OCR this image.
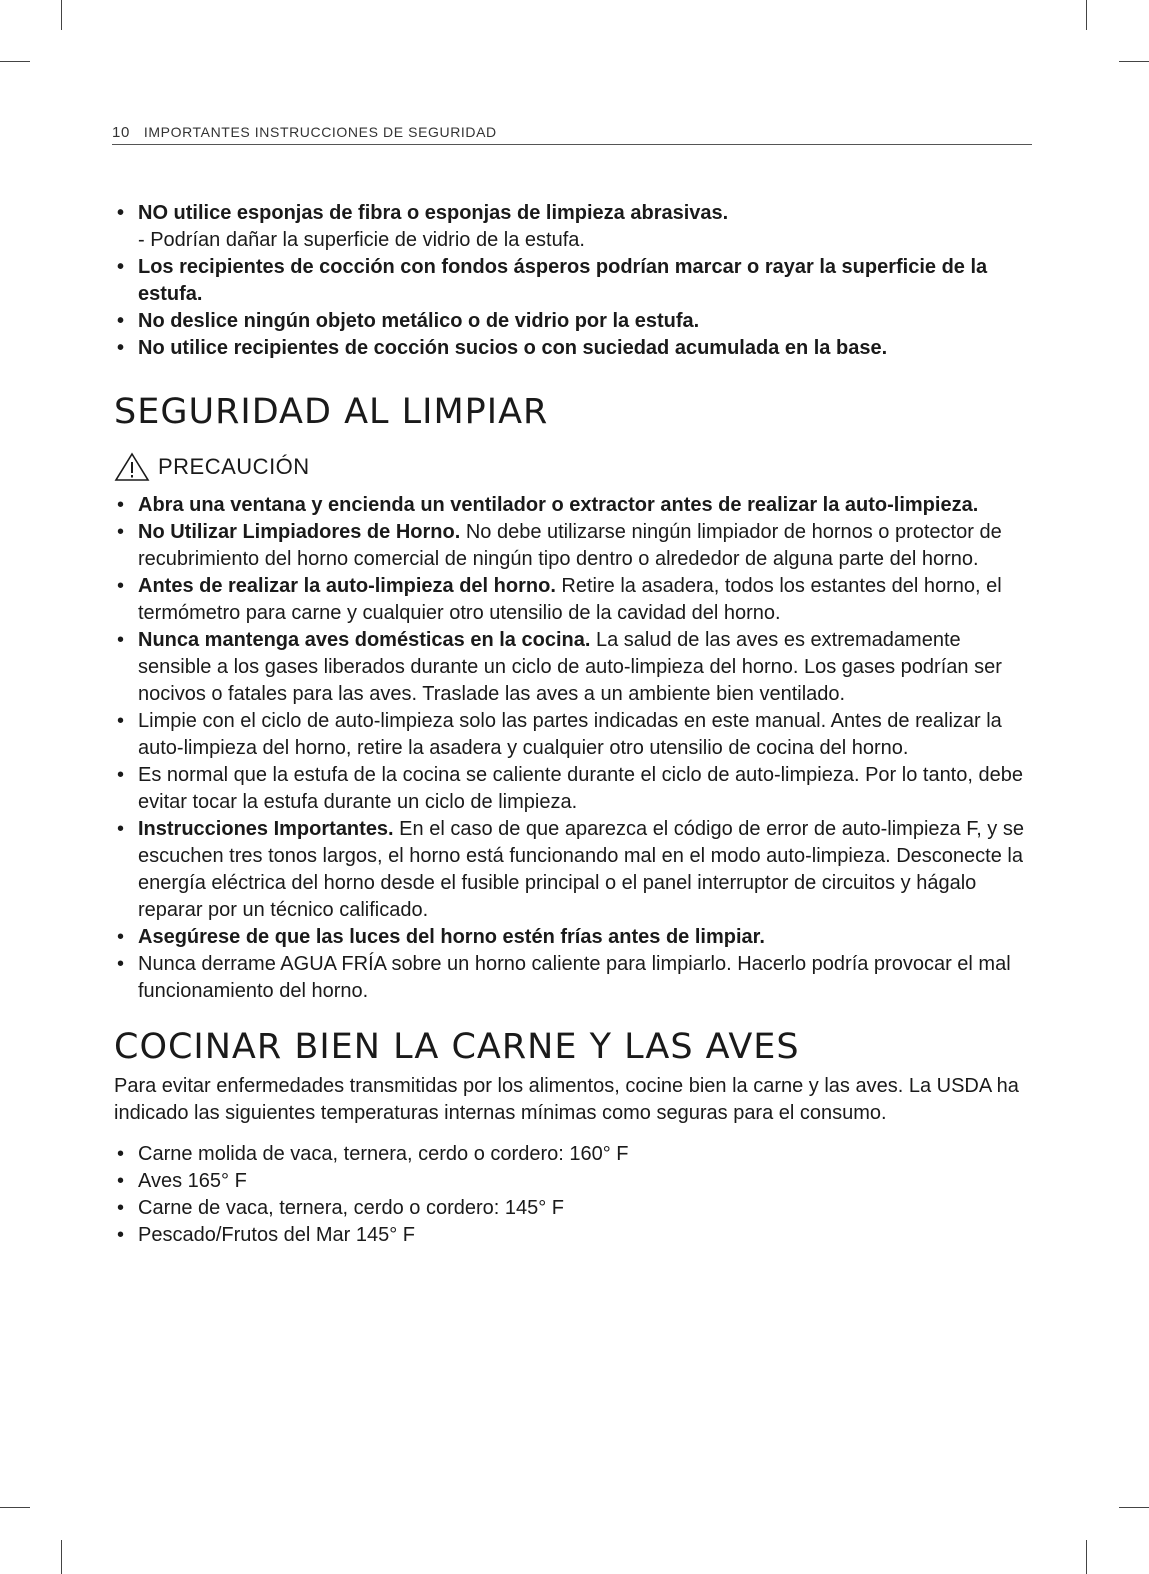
10 IMPORTANTES INSTRUCCIONES DE SEGURIDAD
• NO utilice esponjas de fibra o esponjas de limpieza abrasivas.
- Podrían dañar la superficie de vidrio de la estufa.
• Los recipientes de cocción con fondos ásperos podrían marcar o rayar la superficie de la estufa.
• No deslice ningún objeto metálico o de vidrio por la estufa.
• No utilice recipientes de cocción sucios o con suciedad acumulada en la base.
SEGURIDAD AL LIMPIAR
PRECAUCIÓN
• Abra una ventana y encienda un ventilador o extractor antes de realizar la auto-limpieza.
• No Utilizar Limpiadores de Horno. No debe utilizarse ningún limpiador de hornos o protector de recubrimiento del horno comercial de ningún tipo dentro o alrededor de alguna parte del horno.
• Antes de realizar la auto-limpieza del horno. Retire la asadera, todos los estantes del horno, el termómetro para carne y cualquier otro utensilio de la cavidad del horno.
• Nunca mantenga aves domésticas en la cocina. La salud de las aves es extremadamente sensible a los gases liberados durante un ciclo de auto-limpieza del horno. Los gases podrían ser nocivos o fatales para las aves. Traslade las aves a un ambiente bien ventilado.
• Limpie con el ciclo de auto-limpieza solo las partes indicadas en este manual. Antes de realizar la auto-limpieza del horno, retire la asadera y cualquier otro utensilio de cocina del horno.
• Es normal que la estufa de la cocina se caliente durante el ciclo de auto-limpieza. Por lo tanto, debe evitar tocar la estufa durante un ciclo de limpieza.
• Instrucciones Importantes. En el caso de que aparezca el código de error de auto-limpieza F, y se escuchen tres tonos largos, el horno está funcionando mal en el modo auto-limpieza. Desconecte la energía eléctrica del horno desde el fusible principal o el panel interruptor de circuitos y hágalo reparar por un técnico calificado.
• Asegúrese de que las luces del horno estén frías antes de limpiar.
• Nunca derrame AGUA FRÍA sobre un horno caliente para limpiarlo. Hacerlo podría provocar el mal funcionamiento del horno.
COCINAR BIEN LA CARNE Y LAS AVES

Para evitar enfermedades transmitidas por los alimentos, cocine bien la carne y las aves. La USDA ha indicado las siguientes temperaturas internas mínimas como seguras para el consumo.

• Carne molida de vaca, ternera, cerdo o cordero: 160° F
• Aves 165° F
• Carne de vaca, ternera, cerdo o cordero: 145° F
• Pescado/Frutos del Mar 145° F
